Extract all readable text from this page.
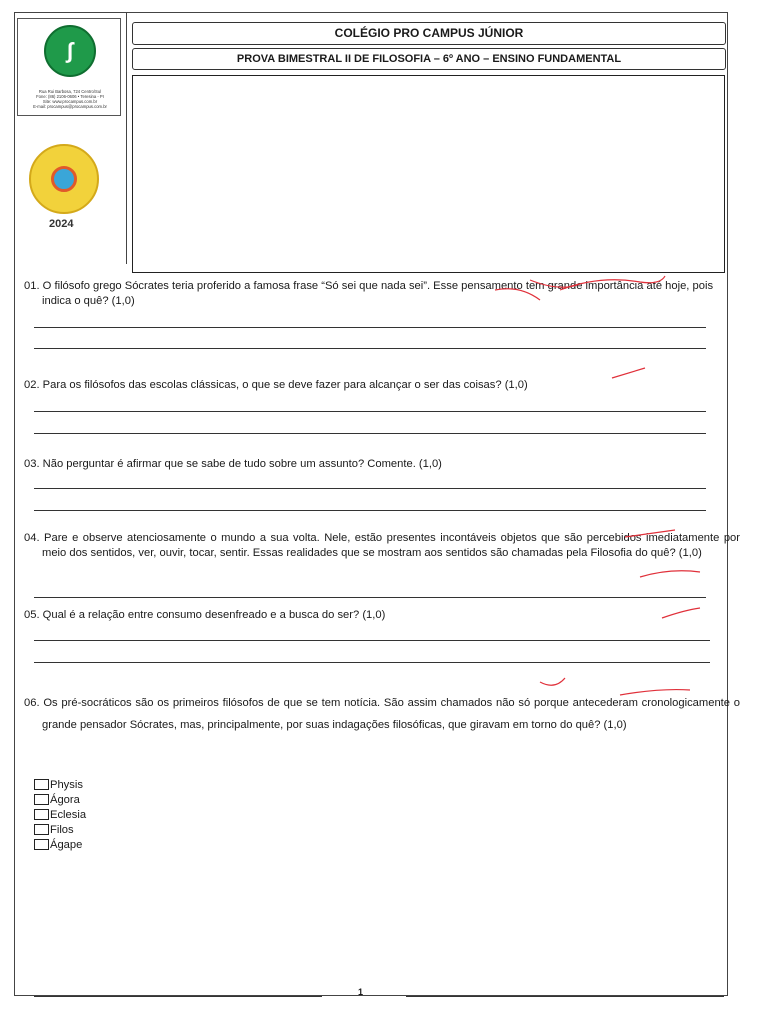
∫
Rua Rui Barbosa, 724 Centro/Sul
Fone: (86) 2106-0606 • Teresina - PI
Site: www.procampus.com.br
E-mail: procampus@procampus.com.br
2024
COLÉGIO PRO CAMPUS JÚNIOR
PROVA BIMESTRAL II DE FILOSOFIA – 6º ANO – ENSINO FUNDAMENTAL
01. O filósofo grego Sócrates teria proferido a famosa frase “Só sei que nada sei”. Esse pensamento tem grande importância até hoje, pois indica o quê? (1,0)
02. Para os filósofos das escolas clássicas, o que se deve fazer para alcançar o ser das coisas? (1,0)
03. Não perguntar é afirmar que se sabe de tudo sobre um assunto? Comente. (1,0)
04. Pare e observe atenciosamente o mundo a sua volta. Nele, estão presentes incontáveis objetos que são percebidos imediatamente por meio dos sentidos, ver, ouvir, tocar, sentir. Essas realidades que se mostram aos sentidos são chamadas pela Filosofia do quê? (1,0)
05. Qual é a relação entre consumo desenfreado e a busca do ser? (1,0)
06. Os pré-socráticos são os primeiros filósofos de que se tem notícia. São assim chamados não só porque antecederam cronologicamente o grande pensador Sócrates, mas, principalmente, por suas indagações filosóficas, que giravam em torno do quê? (1,0)
Physis
Ágora
Eclesia
Filos
Ágape
1
